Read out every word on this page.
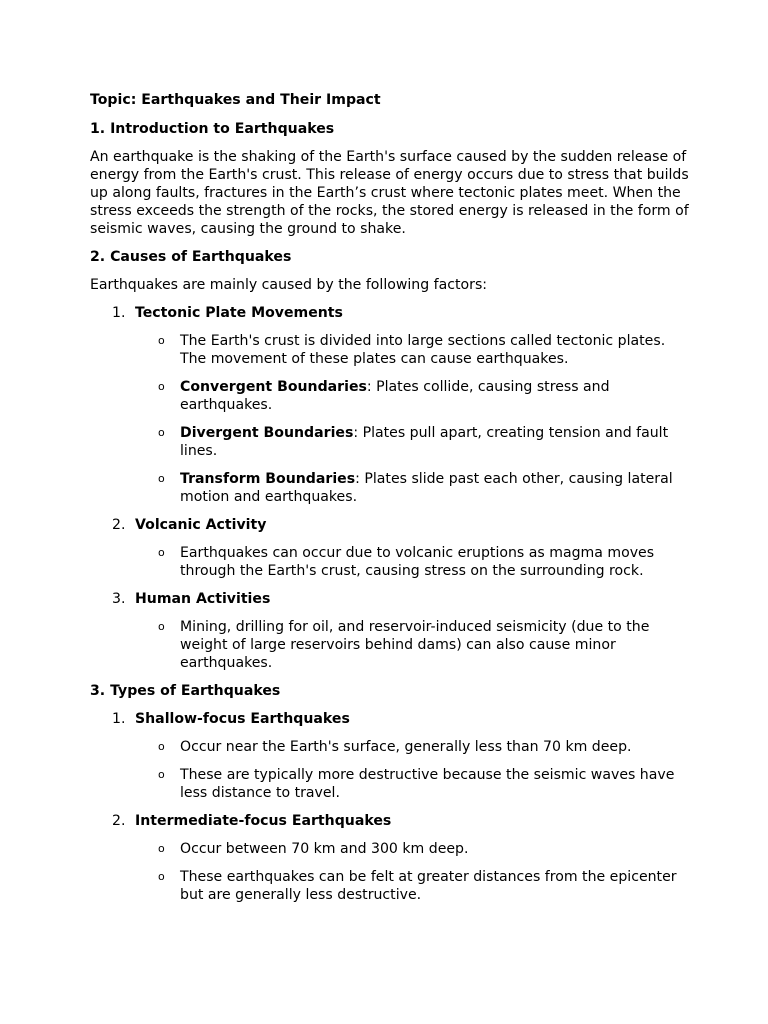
Topic: Earthquakes and Their Impact

1. Introduction to Earthquakes

An earthquake is the shaking of the Earth's surface caused by the sudden release of energy from the Earth's crust. This release of energy occurs due to stress that builds up along faults, fractures in the Earth’s crust where tectonic plates meet. When the stress exceeds the strength of the rocks, the stored energy is released in the form of seismic waves, causing the ground to shake.

2. Causes of Earthquakes

Earthquakes are mainly caused by the following factors:

1. Tectonic Plate Movements
o The Earth's crust is divided into large sections called tectonic plates. The movement of these plates can cause earthquakes.
o Convergent Boundaries: Plates collide, causing stress and earthquakes.
o Divergent Boundaries: Plates pull apart, creating tension and fault lines.
o Transform Boundaries: Plates slide past each other, causing lateral motion and earthquakes.
2. Volcanic Activity
o Earthquakes can occur due to volcanic eruptions as magma moves through the Earth's crust, causing stress on the surrounding rock.
3. Human Activities
o Mining, drilling for oil, and reservoir-induced seismicity (due to the weight of large reservoirs behind dams) can also cause minor earthquakes.

3. Types of Earthquakes

1. Shallow-focus Earthquakes
o Occur near the Earth's surface, generally less than 70 km deep.
o These are typically more destructive because the seismic waves have less distance to travel.
2. Intermediate-focus Earthquakes
o Occur between 70 km and 300 km deep.
o These earthquakes can be felt at greater distances from the epicenter but are generally less destructive.
